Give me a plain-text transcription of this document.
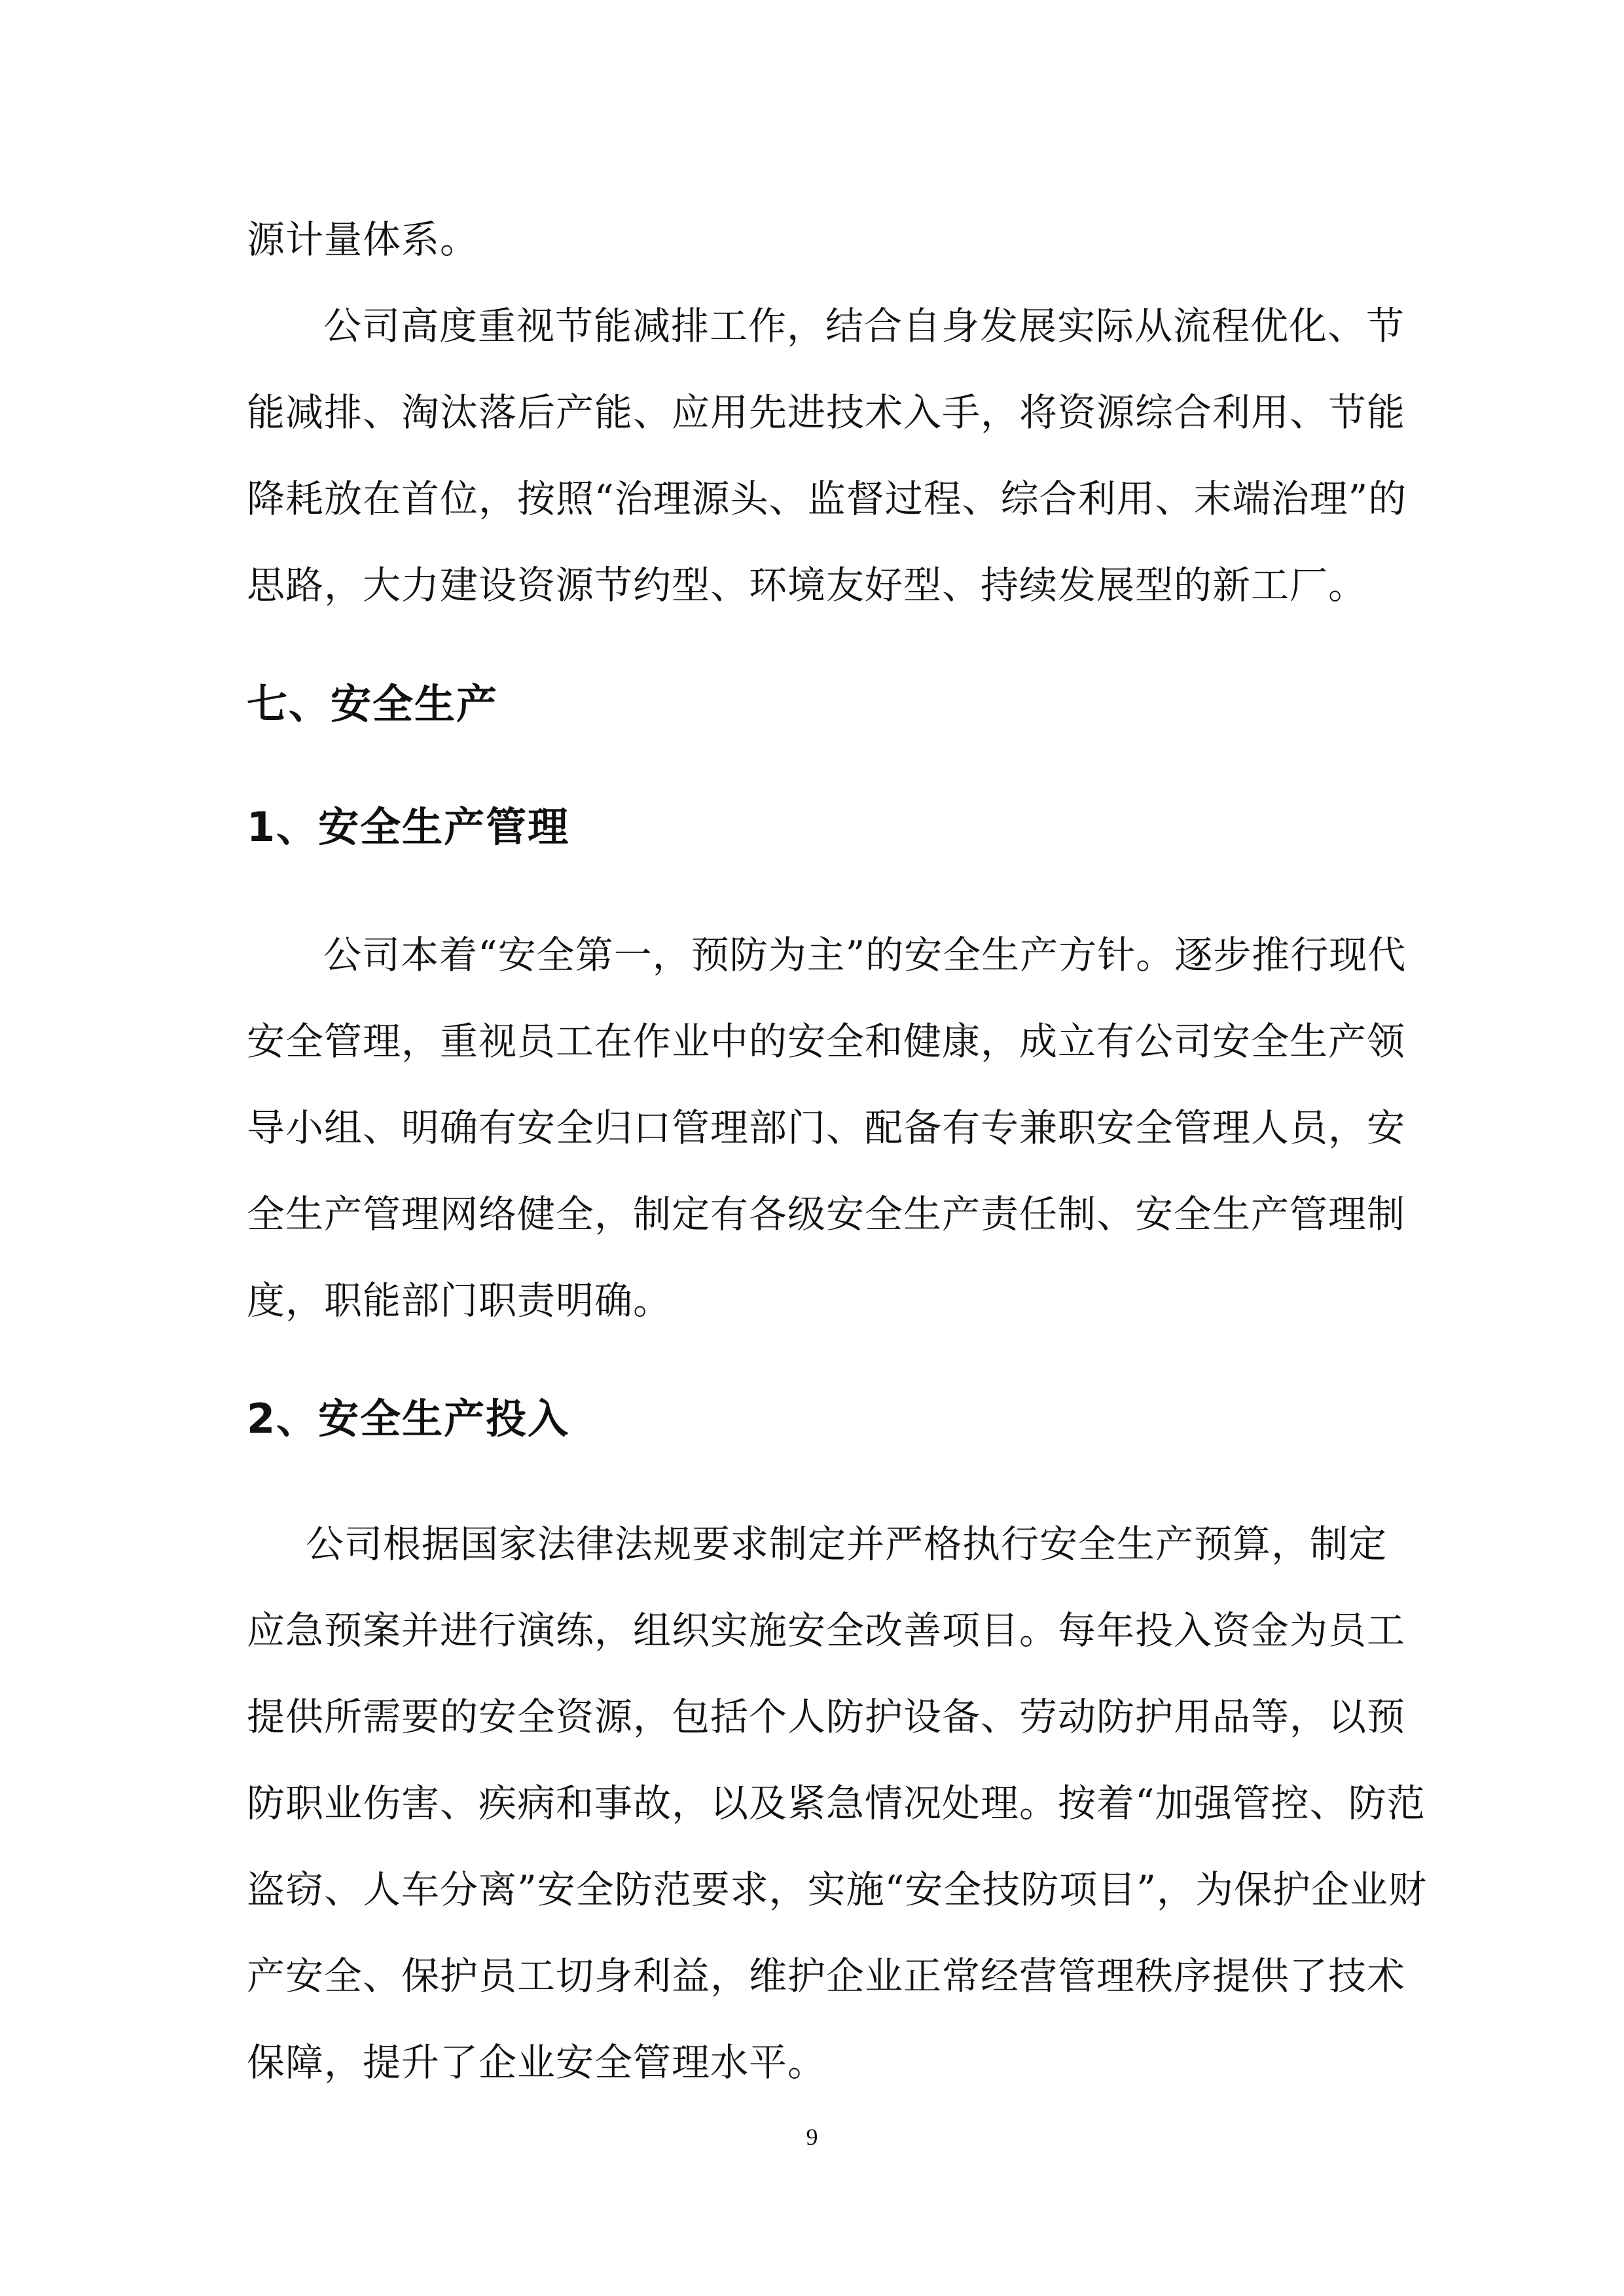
源计量体系。
公司高度重视节能减排工作，结合自身发展实际从流程优化、节
能减排、淘汰落后产能、应用先进技术入手，将资源综合利用、节能
降耗放在首位，按照“治理源头、监督过程、综合利用、末端治理”的
思路，大力建设资源节约型、环境友好型、持续发展型的新工厂。
七、安全生产
1、安全生产管理
公司本着“安全第一，预防为主”的安全生产方针。逐步推行现代
安全管理，重视员工在作业中的安全和健康，成立有公司安全生产领
导小组、明确有安全归口管理部门、配备有专兼职安全管理人员，安
全生产管理网络健全，制定有各级安全生产责任制、安全生产管理制
度，职能部门职责明确。
2、安全生产投入
公司根据国家法律法规要求制定并严格执行安全生产预算，制定
应急预案并进行演练，组织实施安全改善项目。每年投入资金为员工
提供所需要的安全资源，包括个人防护设备、劳动防护用品等，以预
防职业伤害、疾病和事故，以及紧急情况处理。按着“加强管控、防范
盗窃、人车分离”安全防范要求，实施“安全技防项目”，为保护企业财
产安全、保护员工切身利益，维护企业正常经营管理秩序提供了技术
保障，提升了企业安全管理水平。
9
